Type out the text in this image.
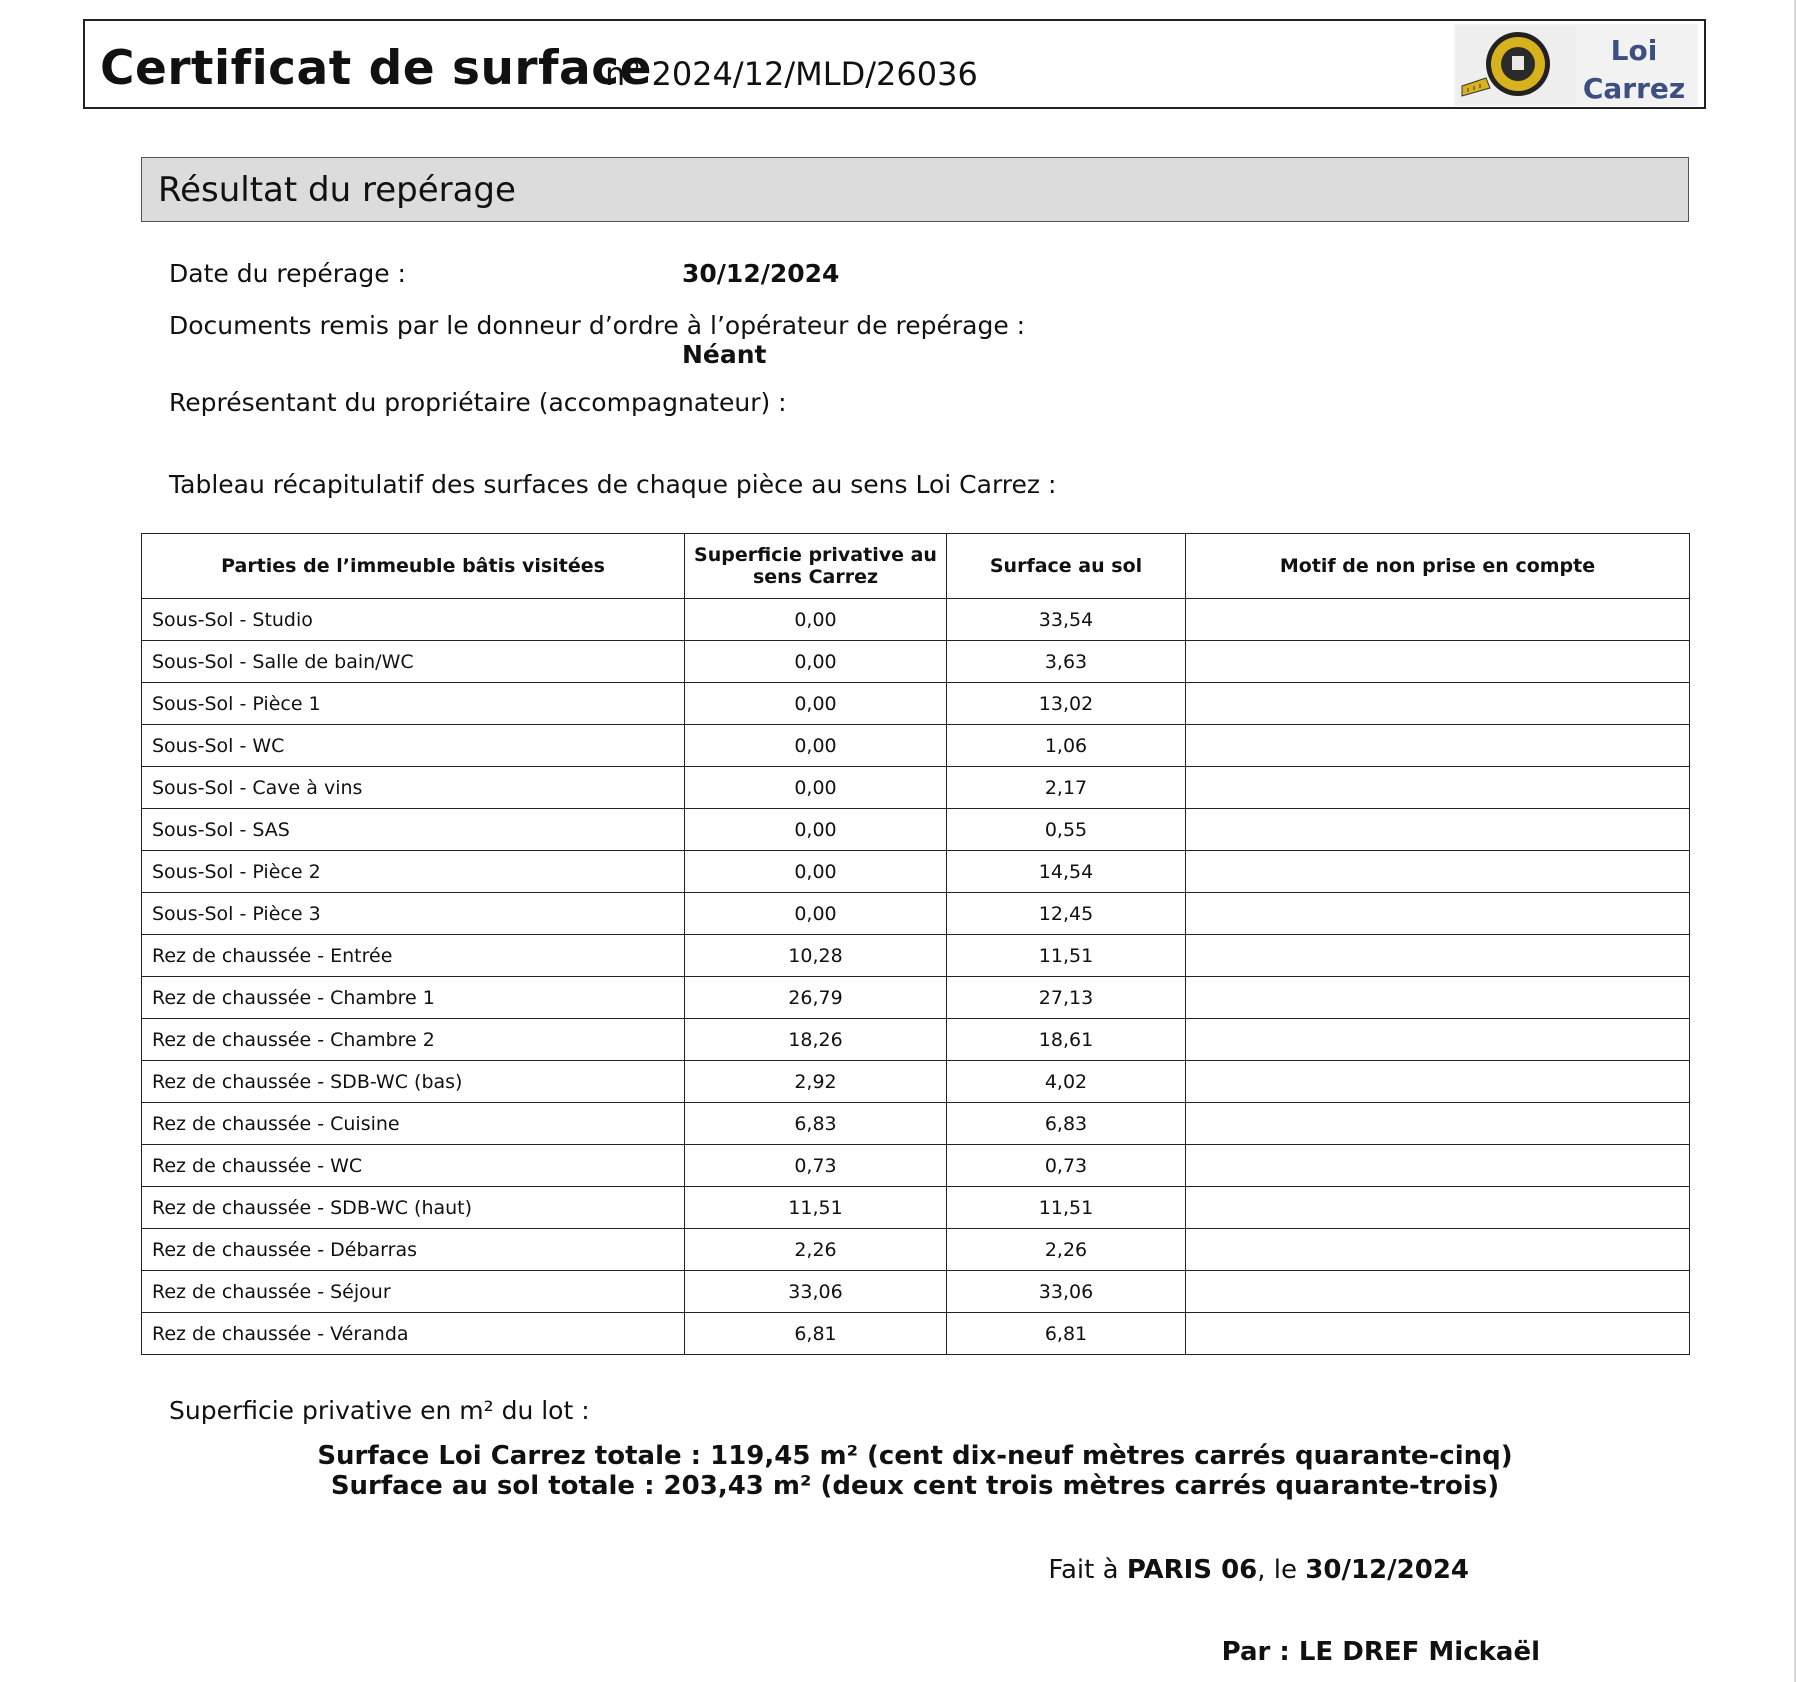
Certificat de surface
n° 2024/12/MLD/26036
Loi
Carrez
Résultat du repérage
Date du repérage :	30/12/2024
Documents remis par le donneur d’ordre à l’opérateur de repérage :
Néant
Représentant du propriétaire (accompagnateur) :
Tableau récapitulatif des surfaces de chaque pièce au sens Loi Carrez :
Parties de l’immeuble bâtis visitées	Superficie privative au sens Carrez	Surface au sol	Motif de non prise en compte
Sous-Sol - Studio	0,00	33,54	
Sous-Sol - Salle de bain/WC	0,00	3,63	
Sous-Sol - Pièce 1	0,00	13,02	
Sous-Sol - WC	0,00	1,06	
Sous-Sol - Cave à vins	0,00	2,17	
Sous-Sol - SAS	0,00	0,55	
Sous-Sol - Pièce 2	0,00	14,54	
Sous-Sol - Pièce 3	0,00	12,45	
Rez de chaussée - Entrée	10,28	11,51	
Rez de chaussée - Chambre 1	26,79	27,13	
Rez de chaussée - Chambre 2	18,26	18,61	
Rez de chaussée - SDB-WC (bas)	2,92	4,02	
Rez de chaussée - Cuisine	6,83	6,83	
Rez de chaussée - WC	0,73	0,73	
Rez de chaussée - SDB-WC (haut)	11,51	11,51	
Rez de chaussée - Débarras	2,26	2,26	
Rez de chaussée - Séjour	33,06	33,06	
Rez de chaussée - Véranda	6,81	6,81	
Superficie privative en m² du lot :
Surface Loi Carrez totale : 119,45 m² (cent dix-neuf mètres carrés quarante-cinq)
Surface au sol totale : 203,43 m² (deux cent trois mètres carrés quarante-trois)
Fait à PARIS 06, le 30/12/2024
Par : LE DREF Mickaël
